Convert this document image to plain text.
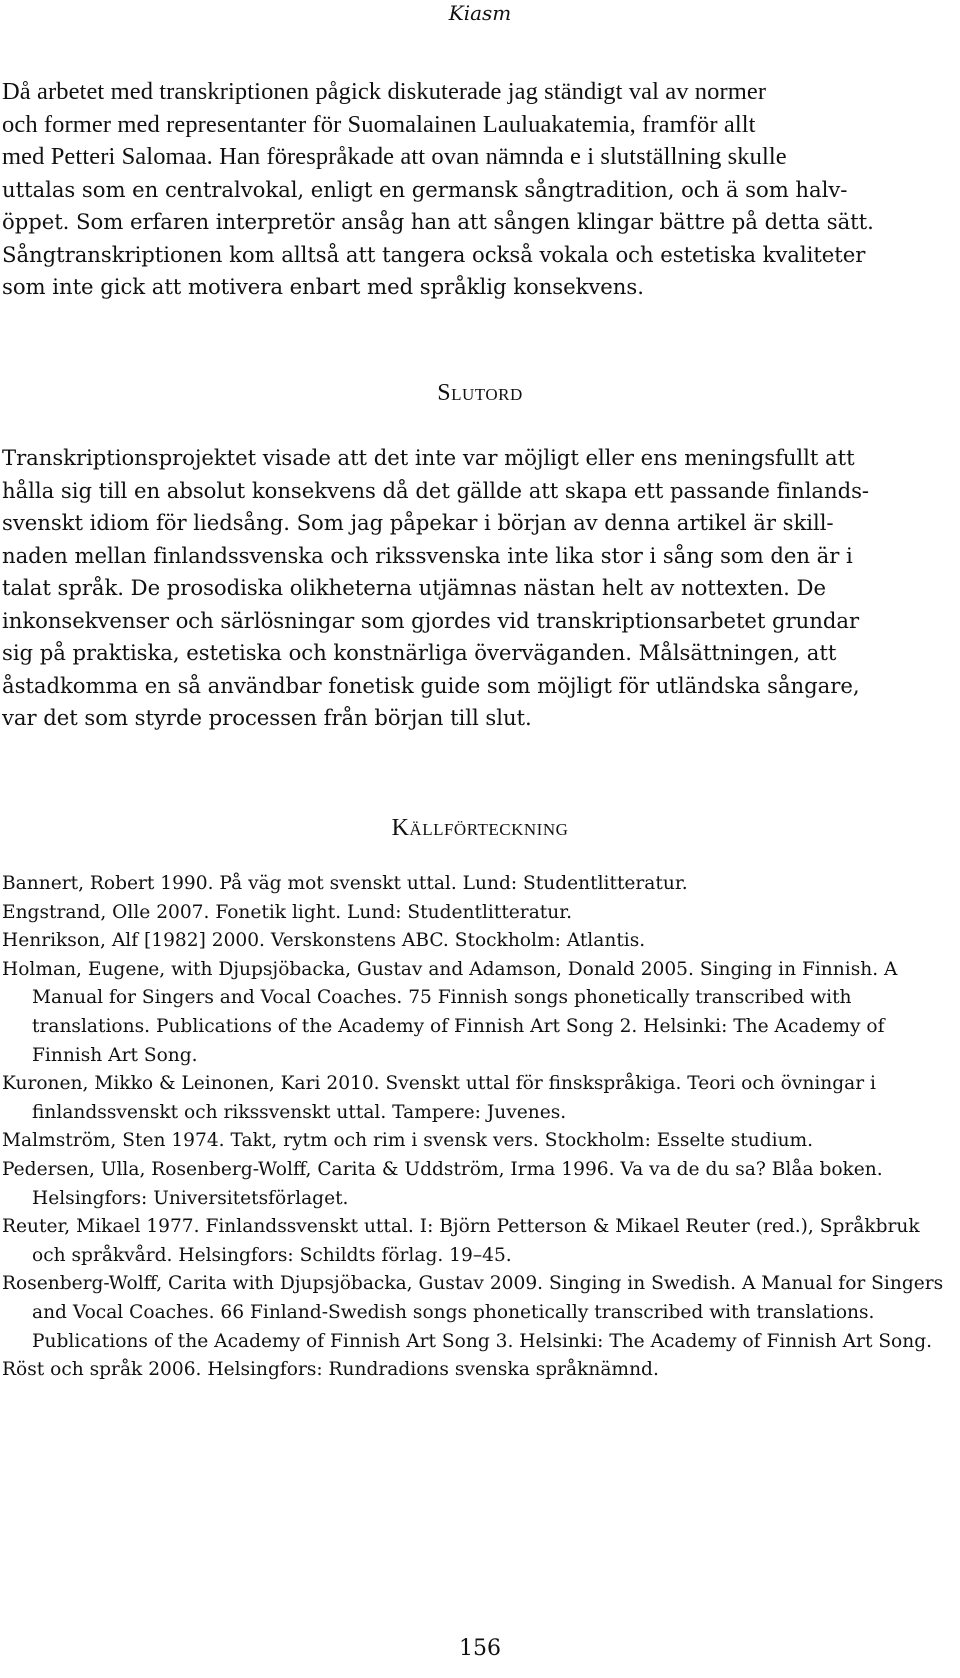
Kiasm
Då arbetet med transkriptionen pågick diskuterade jag ständigt val av normer
och former med representanter för Suomalainen Lauluakatemia, framför allt
med Petteri Salomaa. Han förespråkade att ovan nämnda e i slutställning skulle
uttalas som en centralvokal, enligt en germansk sångtradition, och ä som halv-
öppet. Som erfaren interpretör ansåg han att sången klingar bättre på detta sätt.
Sångtranskriptionen kom alltså att tangera också vokala och estetiska kvaliteter
som inte gick att motivera enbart med språklig konsekvens.
Slutord
Transkriptionsprojektet visade att det inte var möjligt eller ens meningsfullt att
hålla sig till en absolut konsekvens då det gällde att skapa ett passande finlands-
svenskt idiom för liedsång. Som jag påpekar i början av denna artikel är skill-
naden mellan finlandssvenska och rikssvenska inte lika stor i sång som den är i
talat språk. De prosodiska olikheterna utjämnas nästan helt av nottexten. De
inkonsekvenser och särlösningar som gjordes vid transkriptionsarbetet grundar
sig på praktiska, estetiska och konstnärliga överväganden. Målsättningen, att
åstadkomma en så användbar fonetisk guide som möjligt för utländska sångare,
var det som styrde processen från början till slut.
Källförteckning
Bannert, Robert 1990. På väg mot svenskt uttal. Lund: Studentlitteratur.
Engstrand, Olle 2007. Fonetik light. Lund: Studentlitteratur.
Henrikson, Alf [1982] 2000. Verskonstens ABC. Stockholm: Atlantis.
Holman, Eugene, with Djupsjöbacka, Gustav and Adamson, Donald 2005. Singing in Finnish. A Manual for Singers and Vocal Coaches. 75 Finnish songs phonetically transcribed with translations. Publications of the Academy of Finnish Art Song 2. Helsinki: The Academy of Finnish Art Song.
Kuronen, Mikko & Leinonen, Kari 2010. Svenskt uttal för finskspråkiga. Teori och övningar i finlandssvenskt och rikssvenskt uttal. Tampere: Juvenes.
Malmström, Sten 1974. Takt, rytm och rim i svensk vers. Stockholm: Esselte studium.
Pedersen, Ulla, Rosenberg-Wolff, Carita & Uddström, Irma 1996. Va va de du sa? Blåa boken. Helsingfors: Universitetsförlaget.
Reuter, Mikael 1977. Finlandssvenskt uttal. I: Björn Petterson & Mikael Reuter (red.), Språkbruk och språkvård. Helsingfors: Schildts förlag. 19–45.
Rosenberg-Wolff, Carita with Djupsjöbacka, Gustav 2009. Singing in Swedish. A Manual for Singers and Vocal Coaches. 66 Finland-Swedish songs phonetically transcribed with translations. Publications of the Academy of Finnish Art Song 3. Helsinki: The Academy of Finnish Art Song.
Röst och språk 2006. Helsingfors: Rundradions svenska språknämnd.
156
